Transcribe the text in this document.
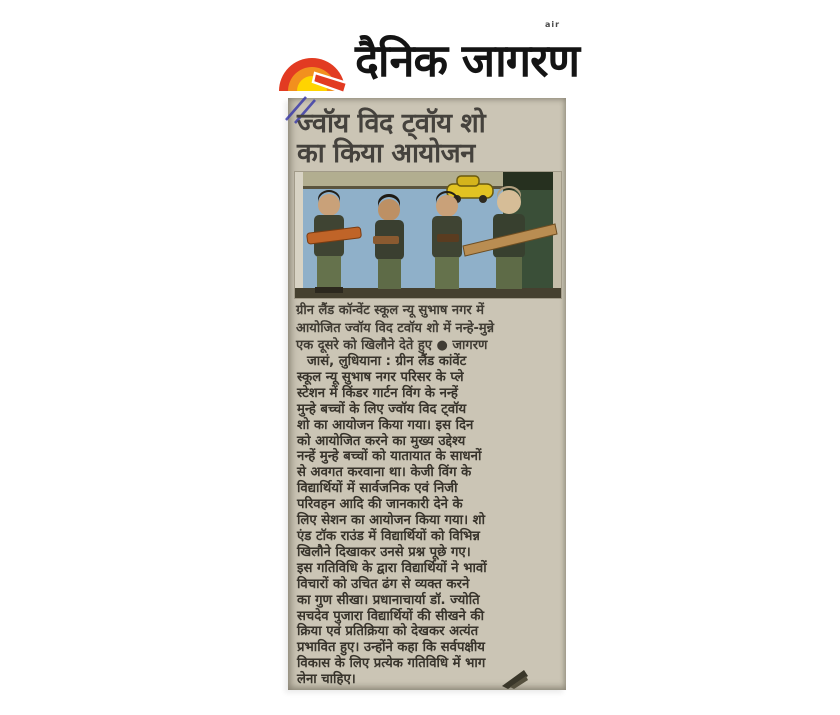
air
दैनिक जागरण
ज्वॉय विद ट्वॉय शो
का किया आयोजन
ग्रीन लैंड कॉन्वेंट स्कूल न्यू सुभाष नगर में
आयोजित ज्वॉय विद टवॉय शो में नन्हे-मुन्ने
एक दूसरे को खिलौने देते हुए ● जागरण
जासं, लुधियाना : ग्रीन लैंड कांवेंट
स्कूल न्यू सुभाष नगर परिसर के प्ले
स्टेशन में किंडर गार्टन विंग के नन्हें
मुन्हे बच्चों के लिए ज्वॉय विद ट्वॉय
शो का आयोजन किया गया। इस दिन
को आयोजित करने का मुख्य उद्देश्य
नन्हें मुन्हे बच्चों को यातायात के साधनों
से अवगत करवाना था। केजी विंग के
विद्यार्थियों में सार्वजनिक एवं निजी
परिवहन आदि की जानकारी देने के
लिए सेशन का आयोजन किया गया। शो
एंड टॉक राउंड में विद्यार्थियों को विभिन्न
खिलौने दिखाकर उनसे प्रश्न पूछे गए।
इस गतिविधि के द्वारा विद्यार्थियों ने भावों
विचारों को उचित ढंग से व्यक्त करने
का गुण सीखा। प्रधानाचार्या डॉ. ज्योति
सचदेव पुजारा विद्यार्थियों की सीखने की
क्रिया एवं प्रतिक्रिया को देखकर अत्यंत
प्रभावित हुए। उन्होंने कहा कि सर्वपक्षीय
विकास के लिए प्रत्येक गतिविधि में भाग
लेना चाहिए।
